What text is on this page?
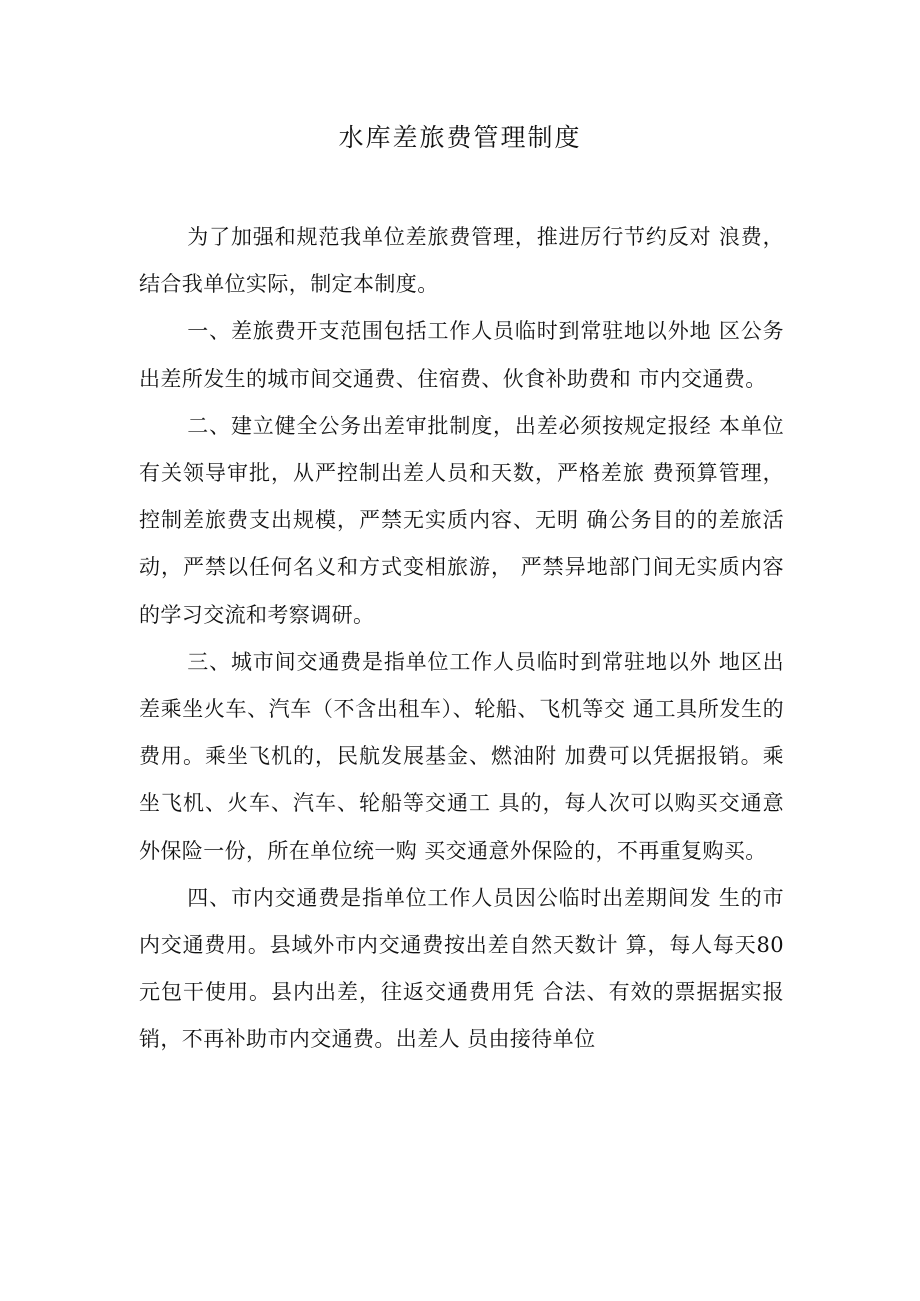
水库差旅费管理制度

为了加强和规范我单位差旅费管理，推进厉行节约反对 浪费，结合我单位实际，制定本制度。

一、差旅费开支范围包括工作人员临时到常驻地以外地 区公务出差所发生的城市间交通费、住宿费、伙食补助费和 市内交通费。

二、建立健全公务出差审批制度，出差必须按规定报经 本单位有关领导审批，从严控制出差人员和天数，严格差旅 费预算管理，控制差旅费支出规模，严禁无实质内容、无明 确公务目的的差旅活动，严禁以任何名义和方式变相旅游， 严禁异地部门间无实质内容的学习交流和考察调研。

三、城市间交通费是指单位工作人员临时到常驻地以外 地区出差乘坐火车、汽车（不含出租车）、轮船、飞机等交 通工具所发生的费用。乘坐飞机的，民航发展基金、燃油附 加费可以凭据报销。乘坐飞机、火车、汽车、轮船等交通工 具的，每人次可以购买交通意外保险一份，所在单位统一购 买交通意外保险的，不再重复购买。

四、市内交通费是指单位工作人员因公临时出差期间发 生的市内交通费用。县域外市内交通费按出差自然天数计 算，每人每天80元包干使用。县内出差，往返交通费用凭 合法、有效的票据据实报销，不再补助市内交通费。出差人 员由接待单位
